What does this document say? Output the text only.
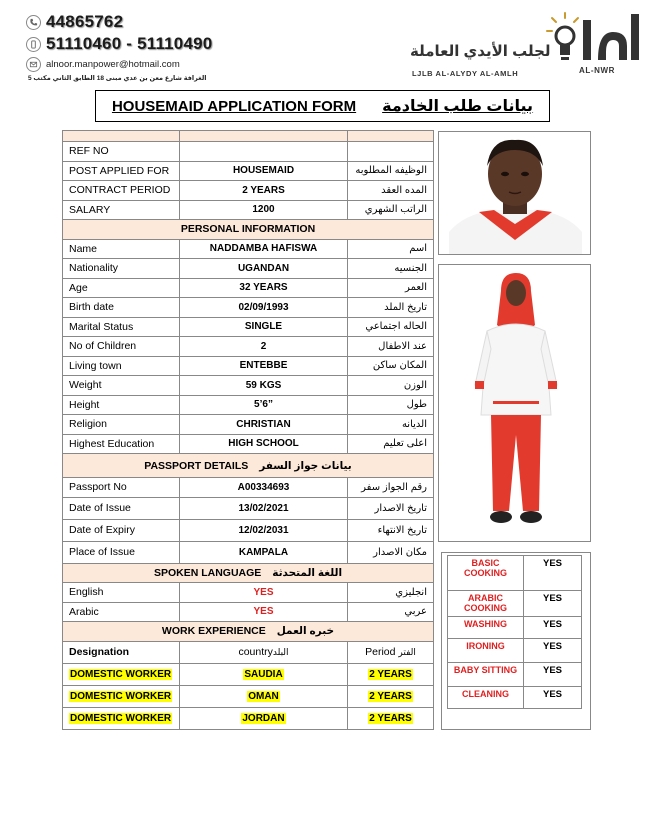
44865762
51110460 - 51110490
alnoor.manpower@hotmail.com
الغرافة شارع معن بن عدي مبنى 18 الطابق الثاني مكتب 5
لجلب الأيدي العاملة
LJLB AL-ALYDY AL-AMLH	AL-NWR
HOUSEMAID APPLICATION FORM بيانات طلب الخادمة

REF NO		
POST APPLIED FOR	HOUSEMAID	الوظيفه المطلوبه
CONTRACT PERIOD	2 YEARS	المده العقد
SALARY	1200	الراتب الشهري
PERSONAL INFORMATION		
Name	NADDAMBA HAFISWA	اسم
Nationality	UGANDAN	الجنسيه
Age	32 YEARS	العمر
Birth date	02/09/1993	تاريخ الملد
Marital Status	SINGLE	الحاله اجتماعي
No of Children	2	عند الاطفال
Living town	ENTEBBE	المكان ساكن
Weight	59 KGS	الوزن
Height	5’6”	طول
Religion	CHRISTIAN	الديانه
Highest Education	HIGH SCHOOL	اعلى تعليم
PASSPORT DETAILS بيانات جواز السفر		
Passport No	A00334693	رقم الجواز سفر
Date of Issue	13/02/2021	تاريخ الاصدار
Date of Expiry	12/02/2031	تاريخ الانتهاء
Place of Issue	KAMPALA	مكان الاصدار
SPOKEN LANGUAGE اللغة المتحدثة		
English	YES	انجليزي
Arabic	YES	عربي
WORK EXPERIENCE خبره العمل		
Designation	countryالبلد	Period الفتر
DOMESTIC WORKER	SAUDIA	2 YEARS
DOMESTIC WORKER	OMAN	2 YEARS
DOMESTIC WORKER	JORDAN	2 YEARS
BASIC COOKING	YES
ARABIC COOKING	YES
WASHING	YES
IRONING	YES
BABY SITTING	YES
CLEANING	YES
